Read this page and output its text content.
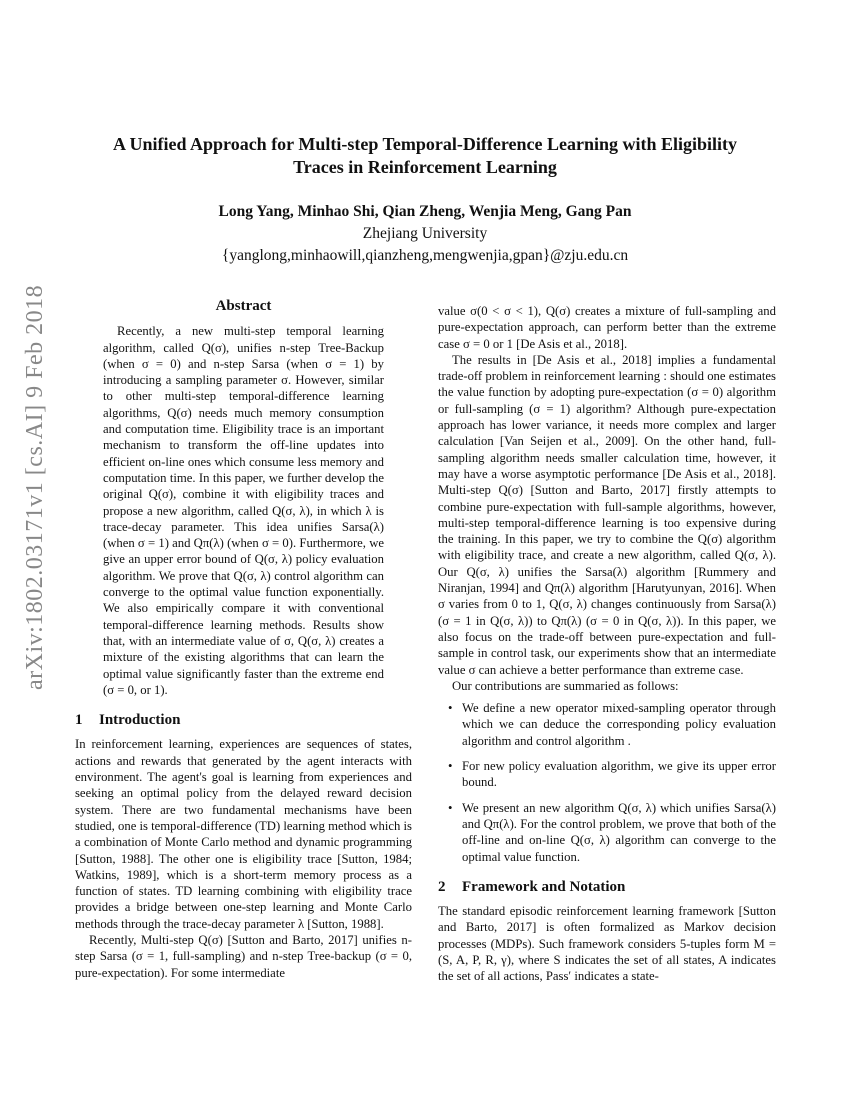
arXiv:1802.03171v1 [cs.AI] 9 Feb 2018
A Unified Approach for Multi-step Temporal-Difference Learning with Eligibility
Traces in Reinforcement Learning
Long Yang, Minhao Shi, Qian Zheng, Wenjia Meng, Gang Pan
Zhejiang University
{yanglong,minhaowill,qianzheng,mengwenjia,gpan}@zju.edu.cn
Abstract

Recently, a new multi-step temporal learning algorithm, called Q(σ), unifies n-step Tree-Backup (when σ = 0) and n-step Sarsa (when σ = 1) by introducing a sampling parameter σ. However, similar to other multi-step temporal-difference learning algorithms, Q(σ) needs much memory consumption and computation time. Eligibility trace is an important mechanism to transform the off-line updates into efficient on-line ones which consume less memory and computation time. In this paper, we further develop the original Q(σ), combine it with eligibility traces and propose a new algorithm, called Q(σ, λ), in which λ is trace-decay parameter. This idea unifies Sarsa(λ) (when σ = 1) and Qπ(λ) (when σ = 0). Furthermore, we give an upper error bound of Q(σ, λ) policy evaluation algorithm. We prove that Q(σ, λ) control algorithm can converge to the optimal value function exponentially. We also empirically compare it with conventional temporal-difference learning methods. Results show that, with an intermediate value of σ, Q(σ, λ) creates a mixture of the existing algorithms that can learn the optimal value significantly faster than the extreme end (σ = 0, or 1).

1 Introduction

In reinforcement learning, experiences are sequences of states, actions and rewards that generated by the agent interacts with environment. The agent's goal is learning from experiences and seeking an optimal policy from the delayed reward decision system. There are two fundamental mechanisms have been studied, one is temporal-difference (TD) learning method which is a combination of Monte Carlo method and dynamic programming [Sutton, 1988]. The other one is eligibility trace [Sutton, 1984; Watkins, 1989], which is a short-term memory process as a function of states. TD learning combining with eligibility trace provides a bridge between one-step learning and Monte Carlo methods through the trace-decay parameter λ [Sutton, 1988].

Recently, Multi-step Q(σ) [Sutton and Barto, 2017] unifies n-step Sarsa (σ = 1, full-sampling) and n-step Tree-backup (σ = 0, pure-expectation). For some intermediate

value σ(0 < σ < 1), Q(σ) creates a mixture of full-sampling and pure-expectation approach, can perform better than the extreme case σ = 0 or 1 [De Asis et al., 2018].

The results in [De Asis et al., 2018] implies a fundamental trade-off problem in reinforcement learning : should one estimates the value function by adopting pure-expectation (σ = 0) algorithm or full-sampling (σ = 1) algorithm? Although pure-expectation approach has lower variance, it needs more complex and larger calculation [Van Seijen et al., 2009]. On the other hand, full-sampling algorithm needs smaller calculation time, however, it may have a worse asymptotic performance [De Asis et al., 2018]. Multi-step Q(σ) [Sutton and Barto, 2017] firstly attempts to combine pure-expectation with full-sample algorithms, however, multi-step temporal-difference learning is too expensive during the training. In this paper, we try to combine the Q(σ) algorithm with eligibility trace, and create a new algorithm, called Q(σ, λ). Our Q(σ, λ) unifies the Sarsa(λ) algorithm [Rummery and Niranjan, 1994] and Qπ(λ) algorithm [Harutyunyan, 2016]. When σ varies from 0 to 1, Q(σ, λ) changes continuously from Sarsa(λ) (σ = 1 in Q(σ, λ)) to Qπ(λ) (σ = 0 in Q(σ, λ)). In this paper, we also focus on the trade-off between pure-expectation and full-sample in control task, our experiments show that an intermediate value σ can achieve a better performance than extreme case.

Our contributions are summaried as follows:

• We define a new operator mixed-sampling operator through which we can deduce the corresponding policy evaluation algorithm and control algorithm .
• For new policy evaluation algorithm, we give its upper error bound.
• We present an new algorithm Q(σ, λ) which unifies Sarsa(λ) and Qπ(λ). For the control problem, we prove that both of the off-line and on-line Q(σ, λ) algorithm can converge to the optimal value function.
2 Framework and Notation

The standard episodic reinforcement learning framework [Sutton and Barto, 2017] is often formalized as Markov decision processes (MDPs). Such framework considers 5-tuples form M = (S, A, P, R, γ), where S indicates the set of all states, A indicates the set of all actions, Pass′ indicates a state-
